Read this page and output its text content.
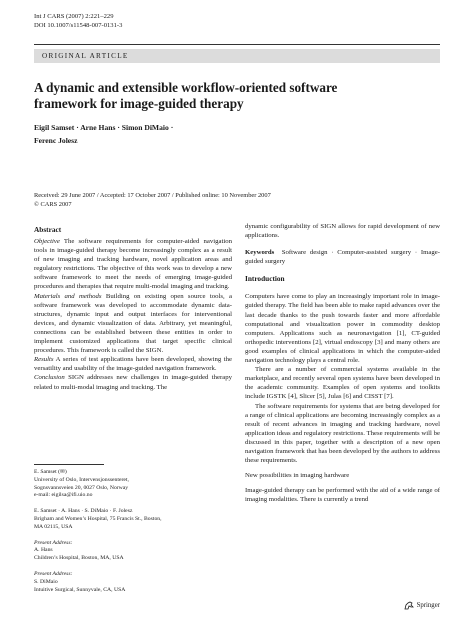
Int J CARS (2007) 2:221–229
DOI 10.1007/s11548-007-0131-3
ORIGINAL ARTICLE
A dynamic and extensible workflow-oriented software framework for image-guided therapy
Eigil Samset · Arne Hans · Simon DiMaio ·
Ferenc Jolesz
Received: 29 June 2007 / Accepted: 17 October 2007 / Published online: 10 November 2007
© CARS 2007
Abstract

Objective The software requirements for computer-aided navigation tools in image-guided therapy become increasingly complex as a result of new imaging and tracking hardware, novel application areas and regulatory restrictions. The objective of this work was to develop a new software framework to meet the needs of emerging image-guided procedures and therapies that require multi-modal imaging and tracking.

Materials and methods Building on existing open source tools, a software framework was developed to accommodate dynamic data-structures, dynamic input and output interfaces for interventional devices, and dynamic visualization of data. Arbitrary, yet meaningful, connections can be established between these entities in order to implement customized applications that target specific clinical procedures. This framework is called the SIGN.

Results A series of test applications have been developed, showing the versatility and usability of the image-guided navigation framework.

Conclusion SIGN addresses new challenges in image-guided therapy related to multi-modal imaging and tracking. The

E. Samset (✉)
University of Oslo, Intervensjonssenteret,
Sognsvannsveien 20, 0027 Oslo, Norway
e-mail: eigilsa@ifi.uio.no
E. Samset · A. Hans · S. DiMaio · F. Jolesz
Brigham and Women’s Hospital, 75 Francis St., Boston,
MA 02115, USA
Present Address:
A. Hans
Children’s Hospital, Boston, MA, USA
Present Address:
S. DiMaio
Intuitive Surgical, Sunnyvale, CA, USA

dynamic configurability of SIGN allows for rapid development of new applications.

Keywords Software design · Computer-assisted surgery · Image-guided surgery

Introduction

Computers have come to play an increasingly important role in image-guided therapy. The field has been able to make rapid advances over the last decade thanks to the push towards faster and more affordable computational and visualization power in commodity desktop computers. Applications such as neuronavigation [1], CT-guided orthopedic interventions [2], virtual endoscopy [3] and many others are good examples of clinical applications in which the computer-aided navigation technology plays a central role.

There are a number of commercial systems available in the marketplace, and recently several open systems have been developed in the academic community. Examples of open systems and toolkits include IGSTK [4], Slicer [5], Julas [6] and CISST [7].

The software requirements for systems that are being developed for a range of clinical applications are becoming increasingly complex as a result of recent advances in imaging and tracking hardware, novel application ideas and regulatory restrictions. These requirements will be discussed in this paper, together with a description of a new open navigation framework that has been developed by the authors to address these requirements.

New possibilities in imaging hardware

Image-guided therapy can be performed with the aid of a wide range of imaging modalities. There is currently a trend

Springer
